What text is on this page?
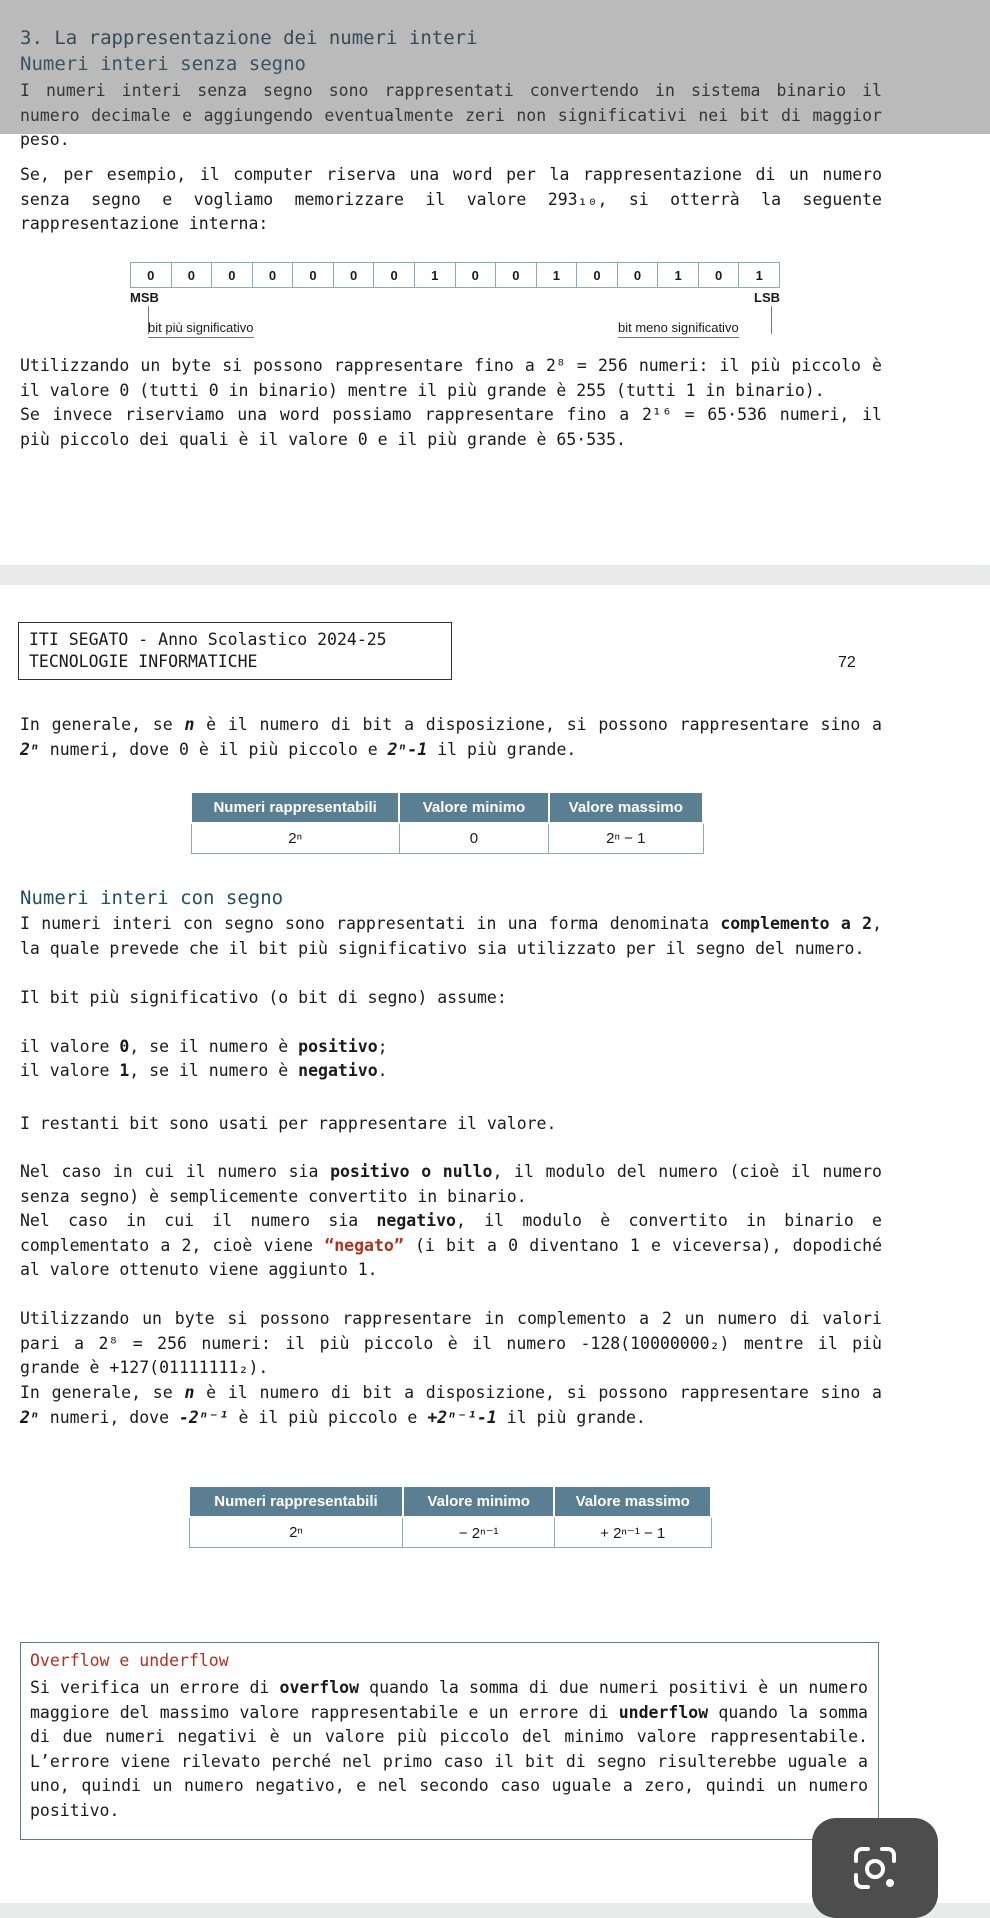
3. La rappresentazione dei numeri interi
Numeri interi senza segno

I numeri interi senza segno sono rappresentati convertendo in sistema binario il numero decimale e aggiungendo eventualmente zeri non significativi nei bit di maggior peso.

Se, per esempio, il computer riserva una word per la rappresentazione di un numero senza segno e vogliamo memorizzare il valore 293₁₀, si otterrà la seguente rappresentazione interna:

0	0	0	0	0	0	0	1	0	0	1	0	0	1	0	1
MSB	LSB
bit più significativo	bit meno significativo

Utilizzando un byte si possono rappresentare fino a 2⁸ = 256 numeri: il più piccolo è il valore 0 (tutti 0 in binario) mentre il più grande è 255 (tutti 1 in binario).

Se invece riserviamo una word possiamo rappresentare fino a 2¹⁶ = 65·536 numeri, il più piccolo dei quali è il valore 0 e il più grande è 65·535.

ITI SEGATO - Anno Scolastico 2024-25
TECNOLOGIE INFORMATICHE	72

In generale, se n è il numero di bit a disposizione, si possono rappresentare sino a 2ⁿ numeri, dove 0 è il più piccolo e 2ⁿ-1 il più grande.

Numeri rappresentabili	Valore minimo	Valore massimo
2ⁿ	0	2ⁿ − 1
Numeri interi con segno

I numeri interi con segno sono rappresentati in una forma denominata complemento a 2, la quale prevede che il bit più significativo sia utilizzato per il segno del numero.

Il bit più significativo (o bit di segno) assume:

il valore 0, se il numero è positivo;

il valore 1, se il numero è negativo.

I restanti bit sono usati per rappresentare il valore.

Nel caso in cui il numero sia positivo o nullo, il modulo del numero (cioè il numero senza segno) è semplicemente convertito in binario.

Nel caso in cui il numero sia negativo, il modulo è convertito in binario e complementato a 2, cioè viene “negato” (i bit a 0 diventano 1 e viceversa), dopodiché al valore ottenuto viene aggiunto 1.

Utilizzando un byte si possono rappresentare in complemento a 2 un numero di valori pari a 2⁸ = 256 numeri: il più piccolo è il numero -128(10000000₂) mentre il più grande è +127(01111111₂).

In generale, se n è il numero di bit a disposizione, si possono rappresentare sino a 2ⁿ numeri, dove -2ⁿ⁻¹ è il più piccolo e +2ⁿ⁻¹-1 il più grande.

Numeri rappresentabili	Valore minimo	Valore massimo
2ⁿ	− 2ⁿ⁻¹	+ 2ⁿ⁻¹ − 1
Overflow e underflow

Si verifica un errore di overflow quando la somma di due numeri positivi è un numero maggiore del massimo valore rappresentabile e un errore di underflow quando la somma di due numeri negativi è un valore più piccolo del minimo valore rappresentabile. L’errore viene rilevato perché nel primo caso il bit di segno risulterebbe uguale a uno, quindi un numero negativo, e nel secondo caso uguale a zero, quindi un numero positivo.
